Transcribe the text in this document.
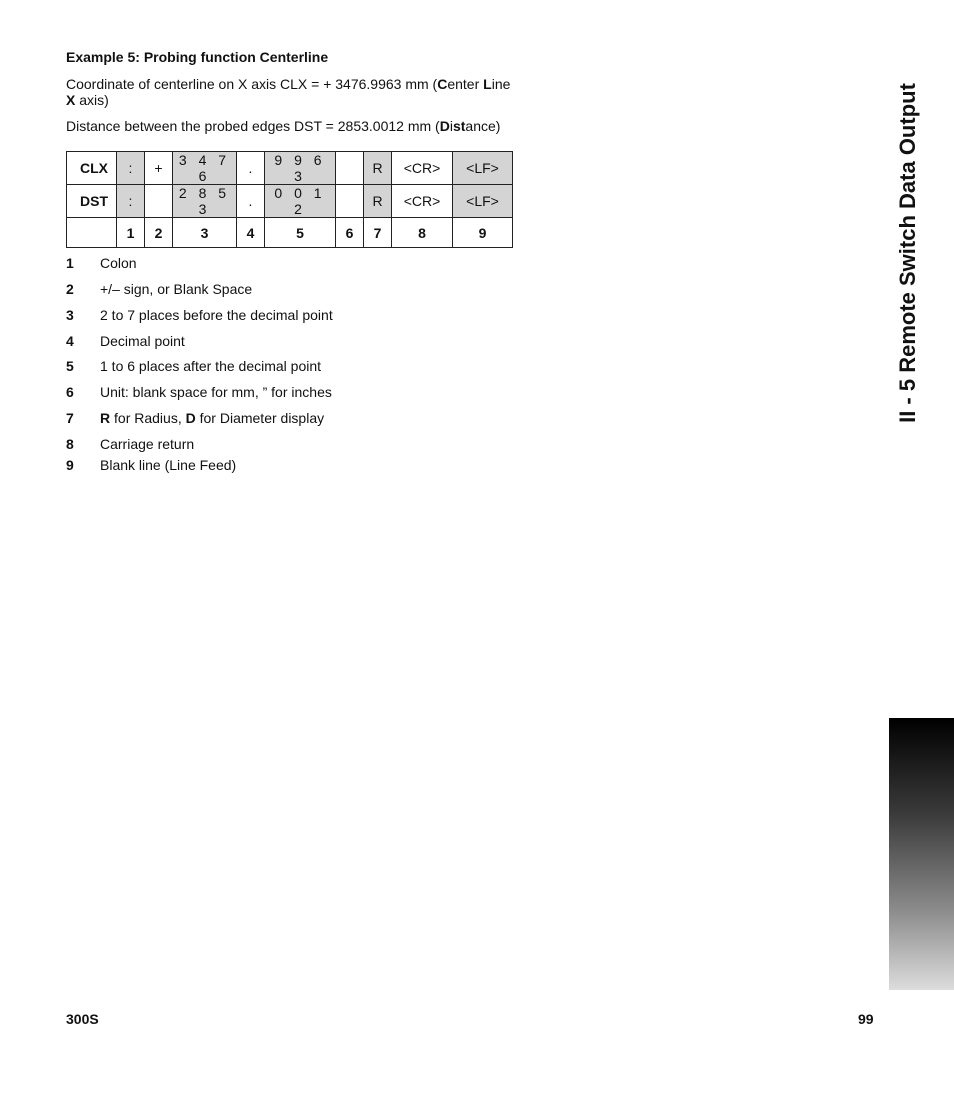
Example 5: Probing function Centerline

Coordinate of centerline on X axis CLX = + 3476.9963 mm (Center Line X axis)

Distance between the probed edges DST = 2853.0012 mm (Distance)

CLX	:	+	3 4 7 6	.	9 9 6 3		R	<CR>	<LF>
DST	:		2 8 5 3	.	0 0 1 2		R	<CR>	<LF>
	1	2	3	4	5	6	7	8	9
1 Colon
2 +/– sign, or Blank Space
3 2 to 7 places before the decimal point
4 Decimal point
5 1 to 6 places after the decimal point
6 Unit: blank space for mm, ” for inches
7 R for Radius, D for Diameter display
8 Carriage return
9 Blank line (Line Feed)
II - 5 Remote Switch Data Output
300S	99
